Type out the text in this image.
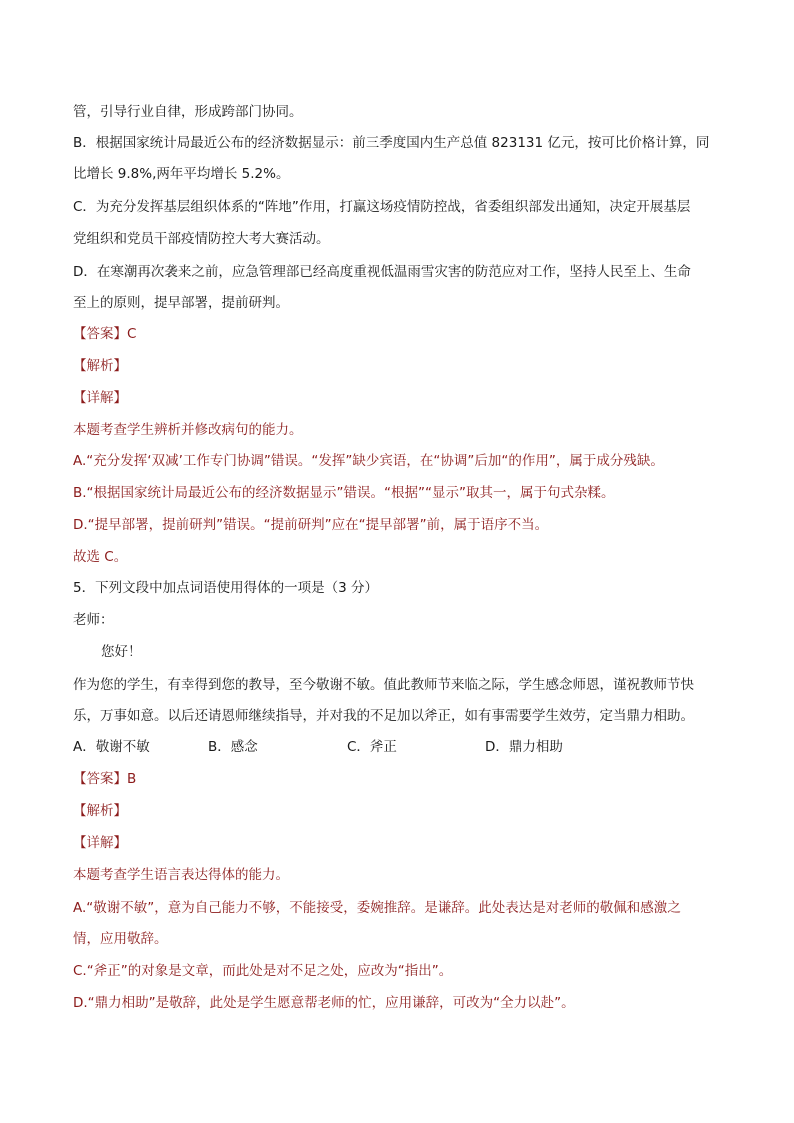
管，引导行业自律，形成跨部门协同。
B．根据国家统计局最近公布的经济数据显示：前三季度国内生产总值 823131 亿元，按可比价格计算，同
比增长 9.8%,两年平均增长 5.2%。
C．为充分发挥基层组织体系的“阵地”作用，打赢这场疫情防控战，省委组织部发出通知，决定开展基层
党组织和党员干部疫情防控大考大赛活动。
D．在寒潮再次袭来之前，应急管理部已经高度重视低温雨雪灾害的防范应对工作，坚持人民至上、生命
至上的原则，提早部署，提前研判。
【答案】C
【解析】
【详解】
本题考查学生辨析并修改病句的能力。
A.“充分发挥‘双减’工作专门协调”错误。“发挥”缺少宾语，在“协调”后加“的作用”，属于成分残缺。
B.“根据国家统计局最近公布的经济数据显示”错误。“根据”“显示”取其一，属于句式杂糅。
D.“提早部署，提前研判”错误。“提前研判”应在“提早部署”前，属于语序不当。
故选 C。
5．下列文段中加点词语使用得体的一项是（3 分）
老师：
您好！
作为您的学生，有幸得到您的教导，至今敬谢不敏。值此教师节来临之际，学生感念师恩，谨祝教师节快
乐，万事如意。以后还请恩师继续指导，并对我的不足加以斧正，如有事需要学生效劳，定当鼎力相助。
A．敬谢不敏	B．感念	C．斧正	D．鼎力相助
【答案】B
【解析】
【详解】
本题考查学生语言表达得体的能力。
A.“敬谢不敏”，意为自己能力不够，不能接受，委婉推辞。是谦辞。此处表达是对老师的敬佩和感激之
情，应用敬辞。
C.“斧正”的对象是文章，而此处是对不足之处，应改为“指出”。
D.“鼎力相助”是敬辞，此处是学生愿意帮老师的忙，应用谦辞，可改为“全力以赴”。
